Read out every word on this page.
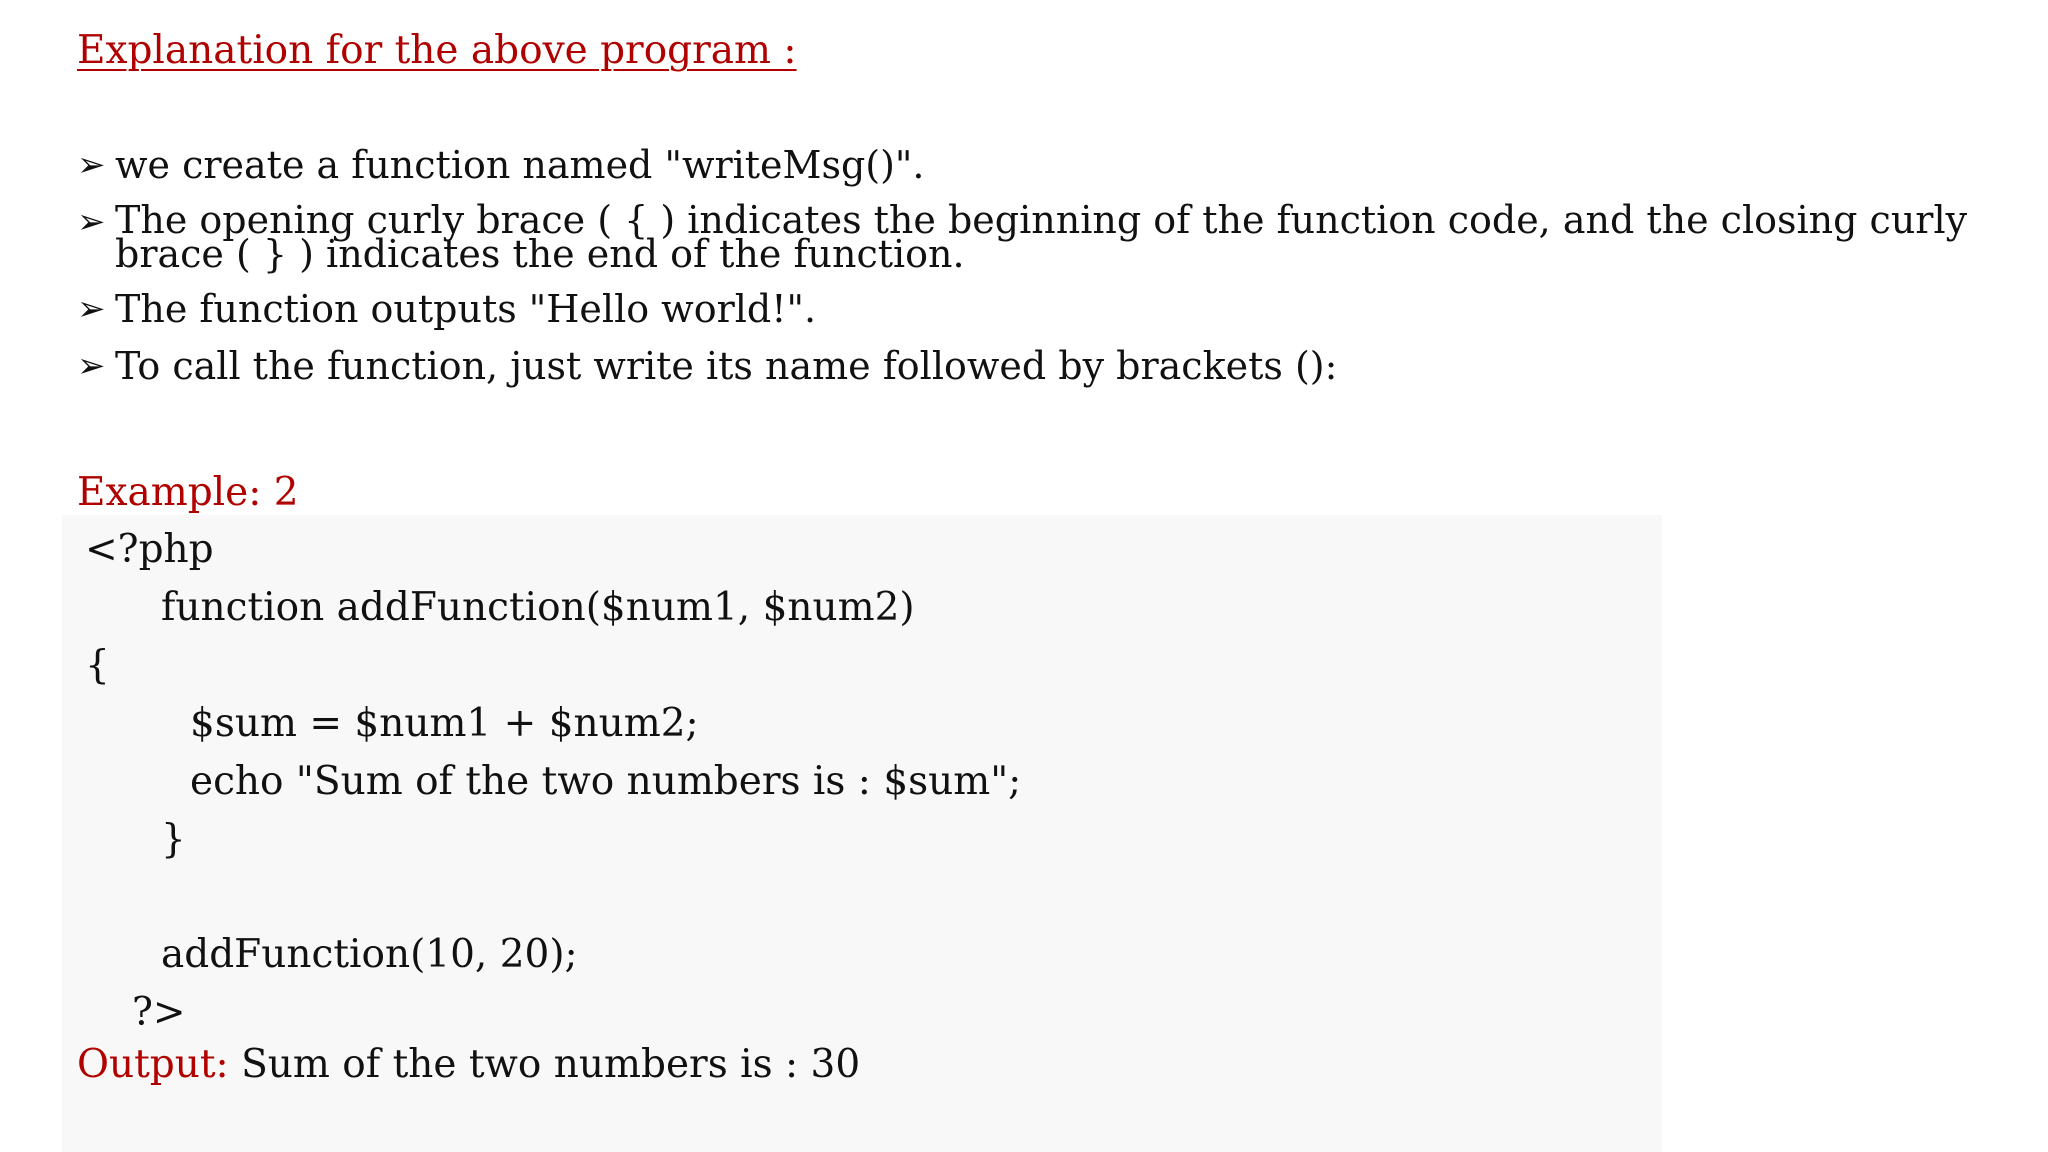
Explanation for the above program :
➢ we create a function named "writeMsg()".
➢ The opening curly brace ( { ) indicates the beginning of the function code, and the closing curly brace ( } ) indicates the end of the function.
➢ The function outputs "Hello world!".
➢ To call the function, just write its name followed by brackets ():
Example: 2
<?php
function addFunction($num1, $num2)
{
$sum = $num1 + $num2;
echo "Sum of the two numbers is : $sum";
}
addFunction(10, 20);
?>
Output: Sum of the two numbers is : 30
